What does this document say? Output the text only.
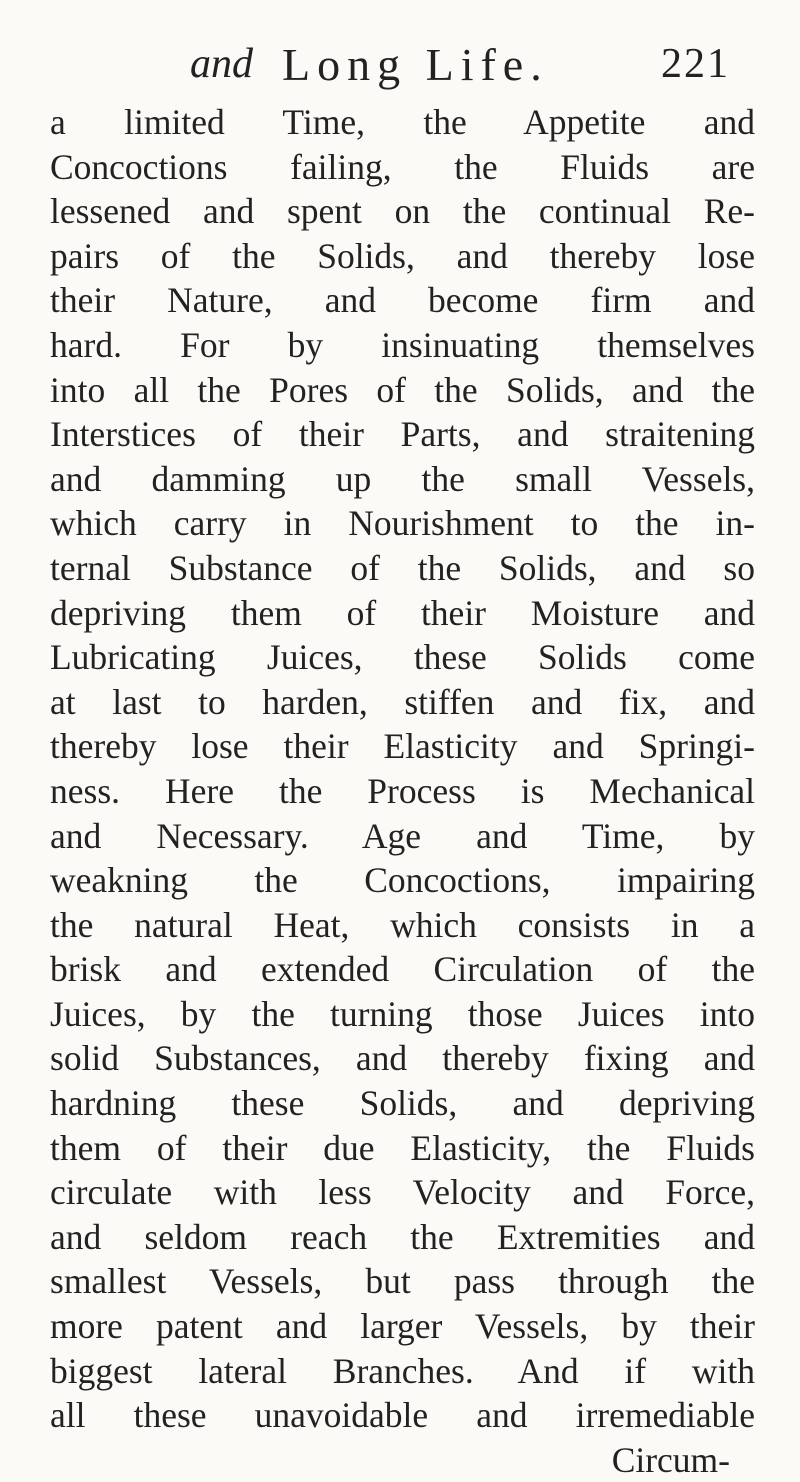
and Long Life.	221
a limited Time, the Appetite and
Concoctions failing, the Fluids are
lessened and spent on the continual Re-
pairs of the Solids, and thereby lose
their Nature, and become firm and
hard. For by insinuating themselves
into all the Pores of the Solids, and the
Interstices of their Parts, and straitening
and damming up the small Vessels,
which carry in Nourishment to the in-
ternal Substance of the Solids, and so
depriving them of their Moisture and
Lubricating Juices, these Solids come
at last to harden, stiffen and fix, and
thereby lose their Elasticity and Springi-
ness. Here the Process is Mechanical
and Necessary. Age and Time, by
weakning the Concoctions, impairing
the natural Heat, which consists in a
brisk and extended Circulation of the
Juices, by the turning those Juices into
solid Substances, and thereby fixing and
hardning these Solids, and depriving
them of their due Elasticity, the Fluids
circulate with less Velocity and Force,
and seldom reach the Extremities and
smallest Vessels, but pass through the
more patent and larger Vessels, by their
biggest lateral Branches. And if with
all these unavoidable and irremediable
Circum-
